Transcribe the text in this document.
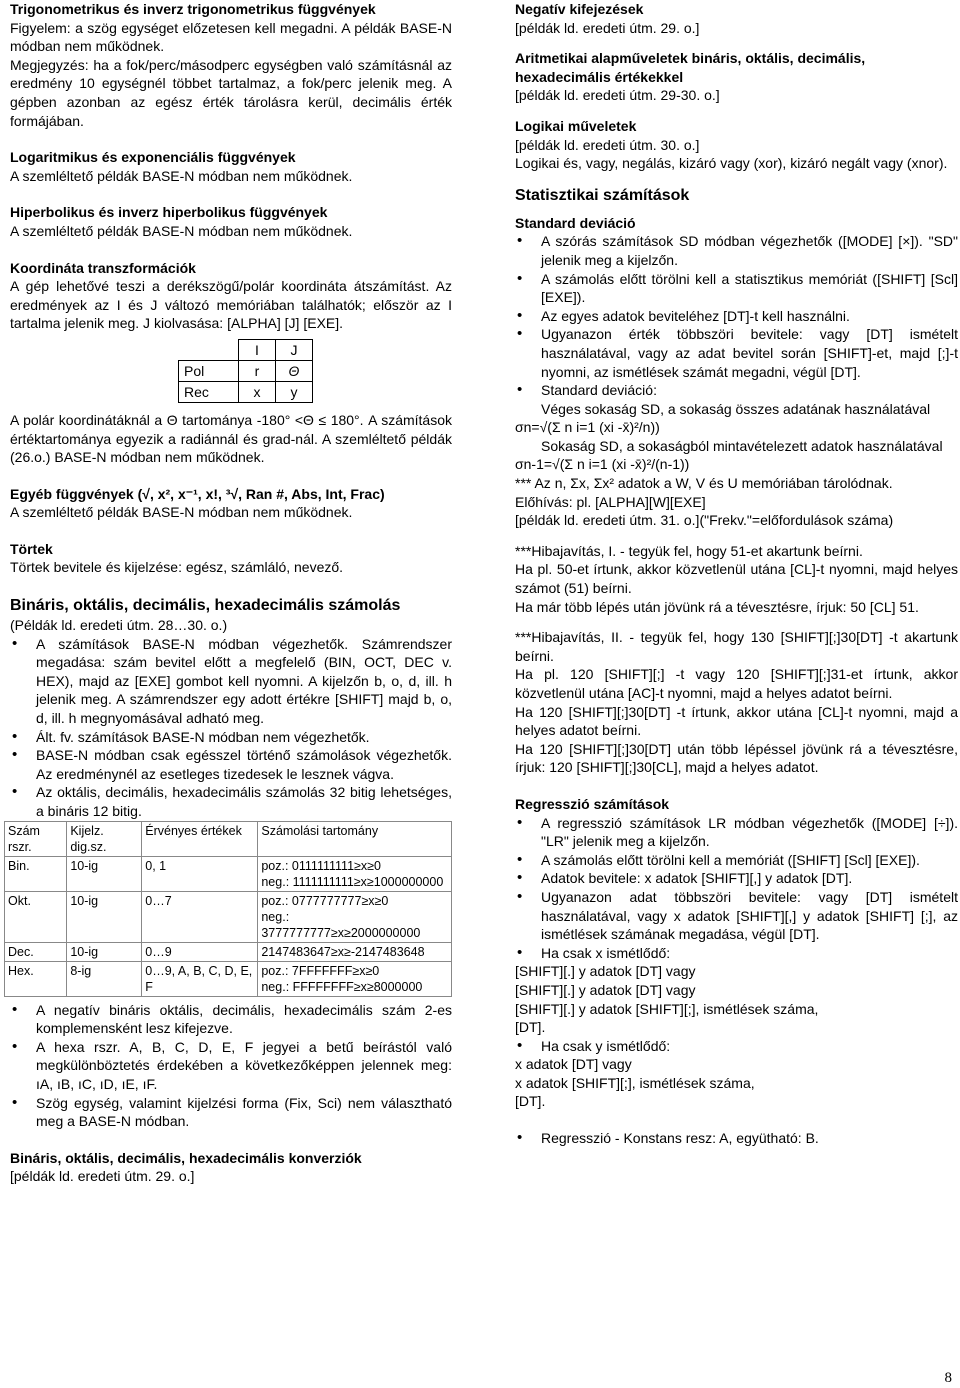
Trigonometrikus és inverz trigonometrikus függvények

Figyelem: a szög egységet előzetesen kell megadni. A példák BASE-N módban nem működnek.

Megjegyzés: ha a fok/perc/másodperc egységben való számításnál az eredmény 10 egységnél többet tartalmaz, a fok/perc jelenik meg. A gépben azonban az egész érték tárolásra kerül, decimális érték formájában.

Logaritmikus és exponenciális függvények

A szemléltető példák BASE-N módban nem működnek.

Hiperbolikus és inverz hiperbolikus függvények

A szemléltető példák BASE-N módban nem működnek.

Koordináta transzformációk

A gép lehetővé teszi a derékszögű/polár koordináta átszámítást. Az eredmények az I és J változó memóriában találhatók; először az I tartalma jelenik meg. J kiolvasása: [ALPHA] [J] [EXE].

	I	J
Pol	r	Θ
Rec	x	y

A polár koordinátáknál a Θ tartománya -180° <Θ ≤ 180°. A számítások értéktartománya egyezik a radiánnál és grad-nál. A szemléltető példák (26.o.) BASE-N módban nem működnek.

Egyéb függvények (√, x², x⁻¹, x!, ³√, Ran #, Abs, Int, Frac)

A szemléltető példák BASE-N módban nem működnek.

Törtek

Törtek bevitele és kijelzése: egész, számláló, nevező.

Bináris, oktális, decimális, hexadecimális számolás

(Példák ld. eredeti útm. 28…30. o.)

• A számítások BASE-N módban végezhetők. Számrendszer megadása: szám bevitel előtt a megfelelő (BIN, OCT, DEC v. HEX), majd az [EXE] gombot kell nyomni. A kijelzőn b, o, d, ill. h jelenik meg. A számrendszer egy adott értékre [SHIFT] majd b, o, d, ill. h megnyomásával adható meg.
• Ált. fv. számítások BASE-N módban nem végezhetők.
• BASE-N módban csak egésszel történő számolások végezhetők. Az eredménynél az esetleges tizedesek le lesznek vágva.
• Az oktális, decimális, hexadecimális számolás 32 bitig lehetséges, a bináris 12 bitig.
Szám rszr.	Kijelz. dig.sz.	Érvényes értékek	Számolási tartomány
Bin.	10-ig	0, 1	poz.: 0111111111≥x≥0
neg.: 1111111111≥x≥1000000000
Okt.	10-ig	0…7	poz.: 0777777777≥x≥0
neg.: 3777777777≥x≥2000000000
Dec.	10-ig	0…9	2147483647≥x≥-2147483648
Hex.	8-ig	0…9, A, B, C, D, E, F	poz.: 7FFFFFFF≥x≥0
neg.: FFFFFFFF≥x≥8000000
• A negatív bináris oktális, decimális, hexadecimális szám 2-es komplemensként lesz kifejezve.
• A hexa rszr. A, B, C, D, E, F jegyei a betű beírástól való megkülönböztetés érdekében a következőképpen jelennek meg: ıA, ıB, ıC, ıD, ıE, ıF.
• Szög egység, valamint kijelzési forma (Fix, Sci) nem választható meg a BASE-N módban.

Bináris, oktális, decimális, hexadecimális konverziók

[példák ld. eredeti útm. 29. o.]

Negatív kifejezések

[példák ld. eredeti útm. 29. o.]

Aritmetikai alapműveletek bináris, oktális, decimális, hexadecimális értékekkel

[példák ld. eredeti útm. 29-30. o.]

Logikai műveletek

[példák ld. eredeti útm. 30. o.]

Logikai és, vagy, negálás, kizáró vagy (xor), kizáró negált vagy (xnor).

Statisztikai számítások

Standard deviáció

• A szórás számítások SD módban végezhetők ([MODE] [×]). "SD" jelenik meg a kijelzőn.
• A számolás előtt törölni kell a statisztikus memóriát ([SHIFT] [Scl] [EXE]).
• Az egyes adatok beviteléhez [DT]-t kell használni.
• Ugyanazon érték többszöri bevitele: vagy [DT] ismételt használatával, vagy az adat bevitel során [SHIFT]-et, majd [;]-t nyomni, az ismétlések számát megadni, végül [DT].
• Standard deviáció:

Véges sokaság SD, a sokaság összes adatának használatával

σn=√(Σ n i=1 (xi -x̄)²/n))

Sokaság SD, a sokaságból mintavételezett adatok használatával

σn-1=√(Σ n i=1 (xi -x̄)²/(n-1))

*** Az n, Σx, Σx² adatok a W, V és U memóriában tárolódnak.

Előhívás: pl. [ALPHA][W][EXE]

[példák ld. eredeti útm. 31. o.]("Frekv."=előfordulások száma)

***Hibajavítás, I. - tegyük fel, hogy 51-et akartunk beírni.

Ha pl. 50-et írtunk, akkor közvetlenül utána [CL]-t nyomni, majd helyes számot (51) beírni.

Ha már több lépés után jövünk rá a tévesztésre, írjuk: 50 [CL] 51.

***Hibajavítás, II. - tegyük fel, hogy 130 [SHIFT][;]30[DT] -t akartunk beírni.

Ha pl. 120 [SHIFT][;] -t vagy 120 [SHIFT][;]31-et írtunk, akkor közvetlenül utána [AC]-t nyomni, majd a helyes adatot beírni.

Ha 120 [SHIFT][;]30[DT] -t írtunk, akkor utána [CL]-t nyomni, majd a helyes adatot beírni.

Ha 120 [SHIFT][;]30[DT] után több lépéssel jövünk rá a tévesztésre, írjuk: 120 [SHIFT][;]30[CL], majd a helyes adatot.

Regresszió számítások

• A regresszió számítások LR módban végezhetők ([MODE] [÷]). "LR" jelenik meg a kijelzőn.
• A számolás előtt törölni kell a memóriát ([SHIFT] [Scl] [EXE]).
• Adatok bevitele: x adatok [SHIFT][,] y adatok [DT].
• Ugyanazon adat többszöri bevitele: vagy [DT] ismételt használatával, vagy x adatok [SHIFT][,] y adatok [SHIFT] [;], az ismétlések számának megadása, végül [DT].
• Ha csak x ismétlődő:

[SHIFT][.] y adatok [DT] vagy

[SHIFT][.] y adatok [DT] vagy

[SHIFT][.] y adatok [SHIFT][;], ismétlések száma,

[DT].

• Ha csak y ismétlődő:

x adatok [DT] vagy

x adatok [SHIFT][;], ismétlések száma,

[DT].

• Regresszió - Konstans resz: A, együtható: B.
8
